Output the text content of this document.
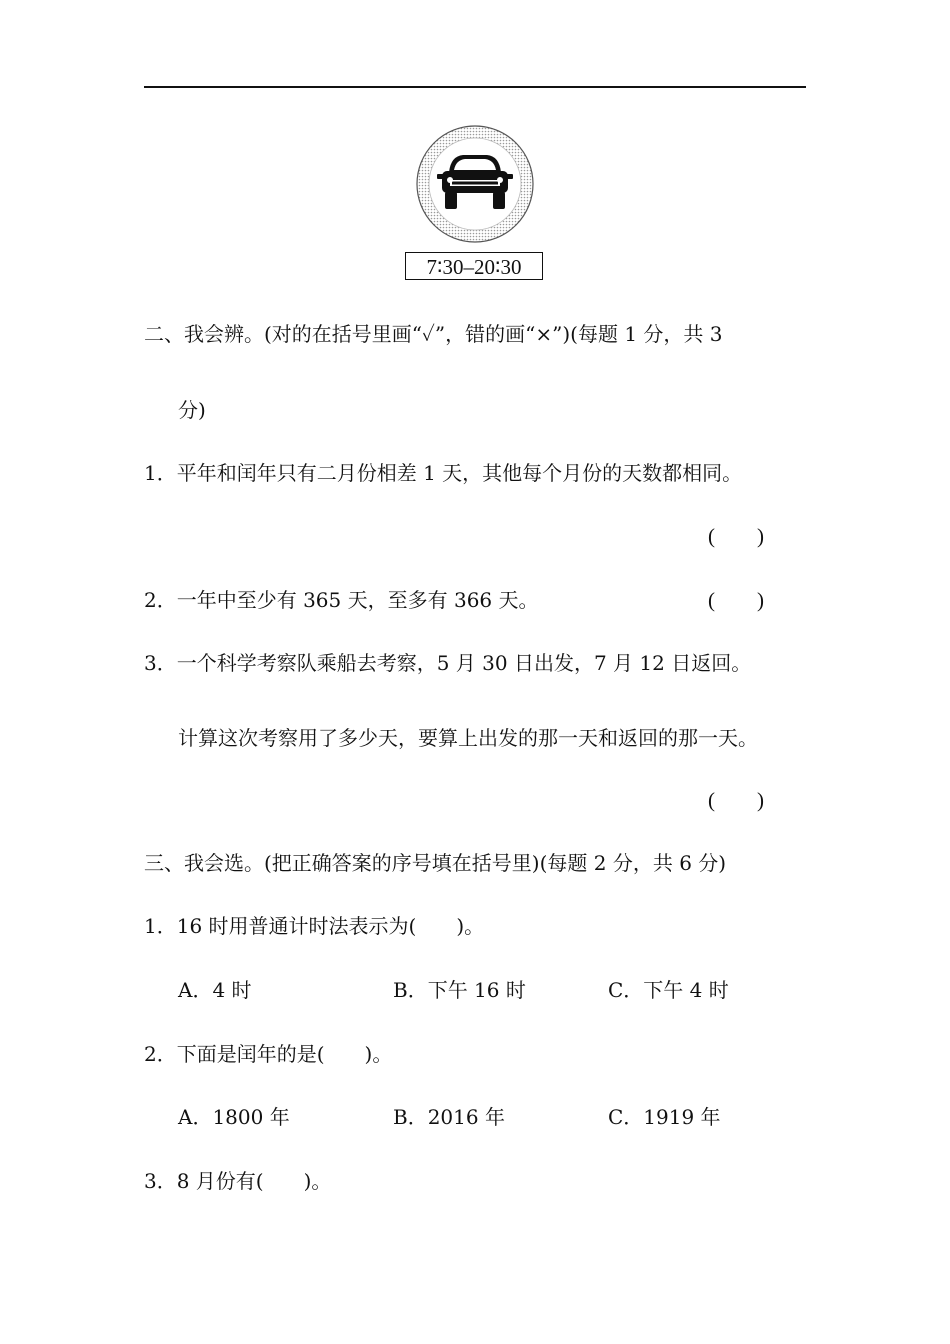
7∶30–20∶30
二、我会辨。(对的在括号里画“✓”，错的画“×”)(每题 1 分，共 3
分)
1．平年和闰年只有二月份相差 1 天，其他每个月份的天数都相同。
(　　)
2．一年中至少有 365 天，至多有 366 天。	(　　)
3．一个科学考察队乘船去考察，5 月 30 日出发，7 月 12 日返回。
计算这次考察用了多少天，要算上出发的那一天和返回的那一天。
(　　)
三、我会选。(把正确答案的序号填在括号里)(每题 2 分，共 6 分)
1．16 时用普通计时法表示为(　　)。
A．4 时	B．下午 16 时	C．下午 4 时
2．下面是闰年的是(　　)。
A．1800 年	B．2016 年	C．1919 年
3．8 月份有(　　)。
